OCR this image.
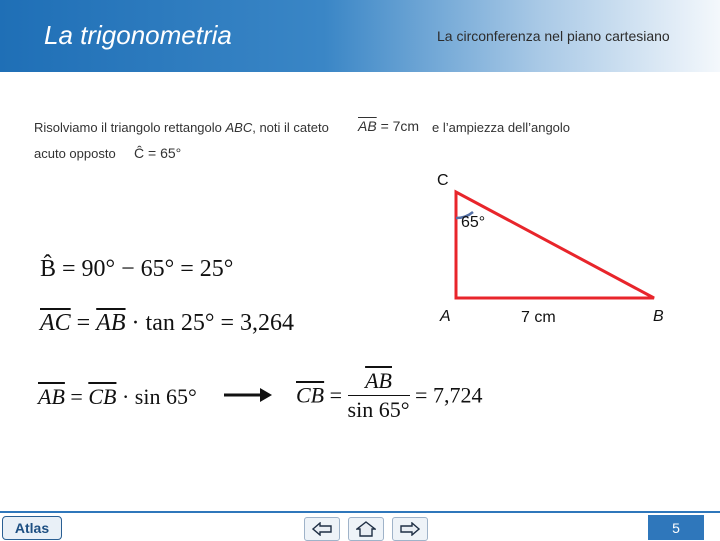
La trigonometria	La circonferenza nel piano cartesiano
Risolviamo il triangolo rettangolo ABC, noti il cateto $\overline{AB} = 7cm$ e l’ampiezza dell’angolo
acuto opposto Ĉ = 65°
B̂ = 90° − 65° = 25°
$\overline{AC} = \overline{AB} \cdot \tan 25^\circ = 3,264$
$\overline{AB} = \overline{CB} \cdot \sin 65^\circ$	$\overline{CB} = \frac{\overline{AB}}{\sin 65^\circ} = 7,724$
C
65°
A	7 cm	B
Atlas	5
